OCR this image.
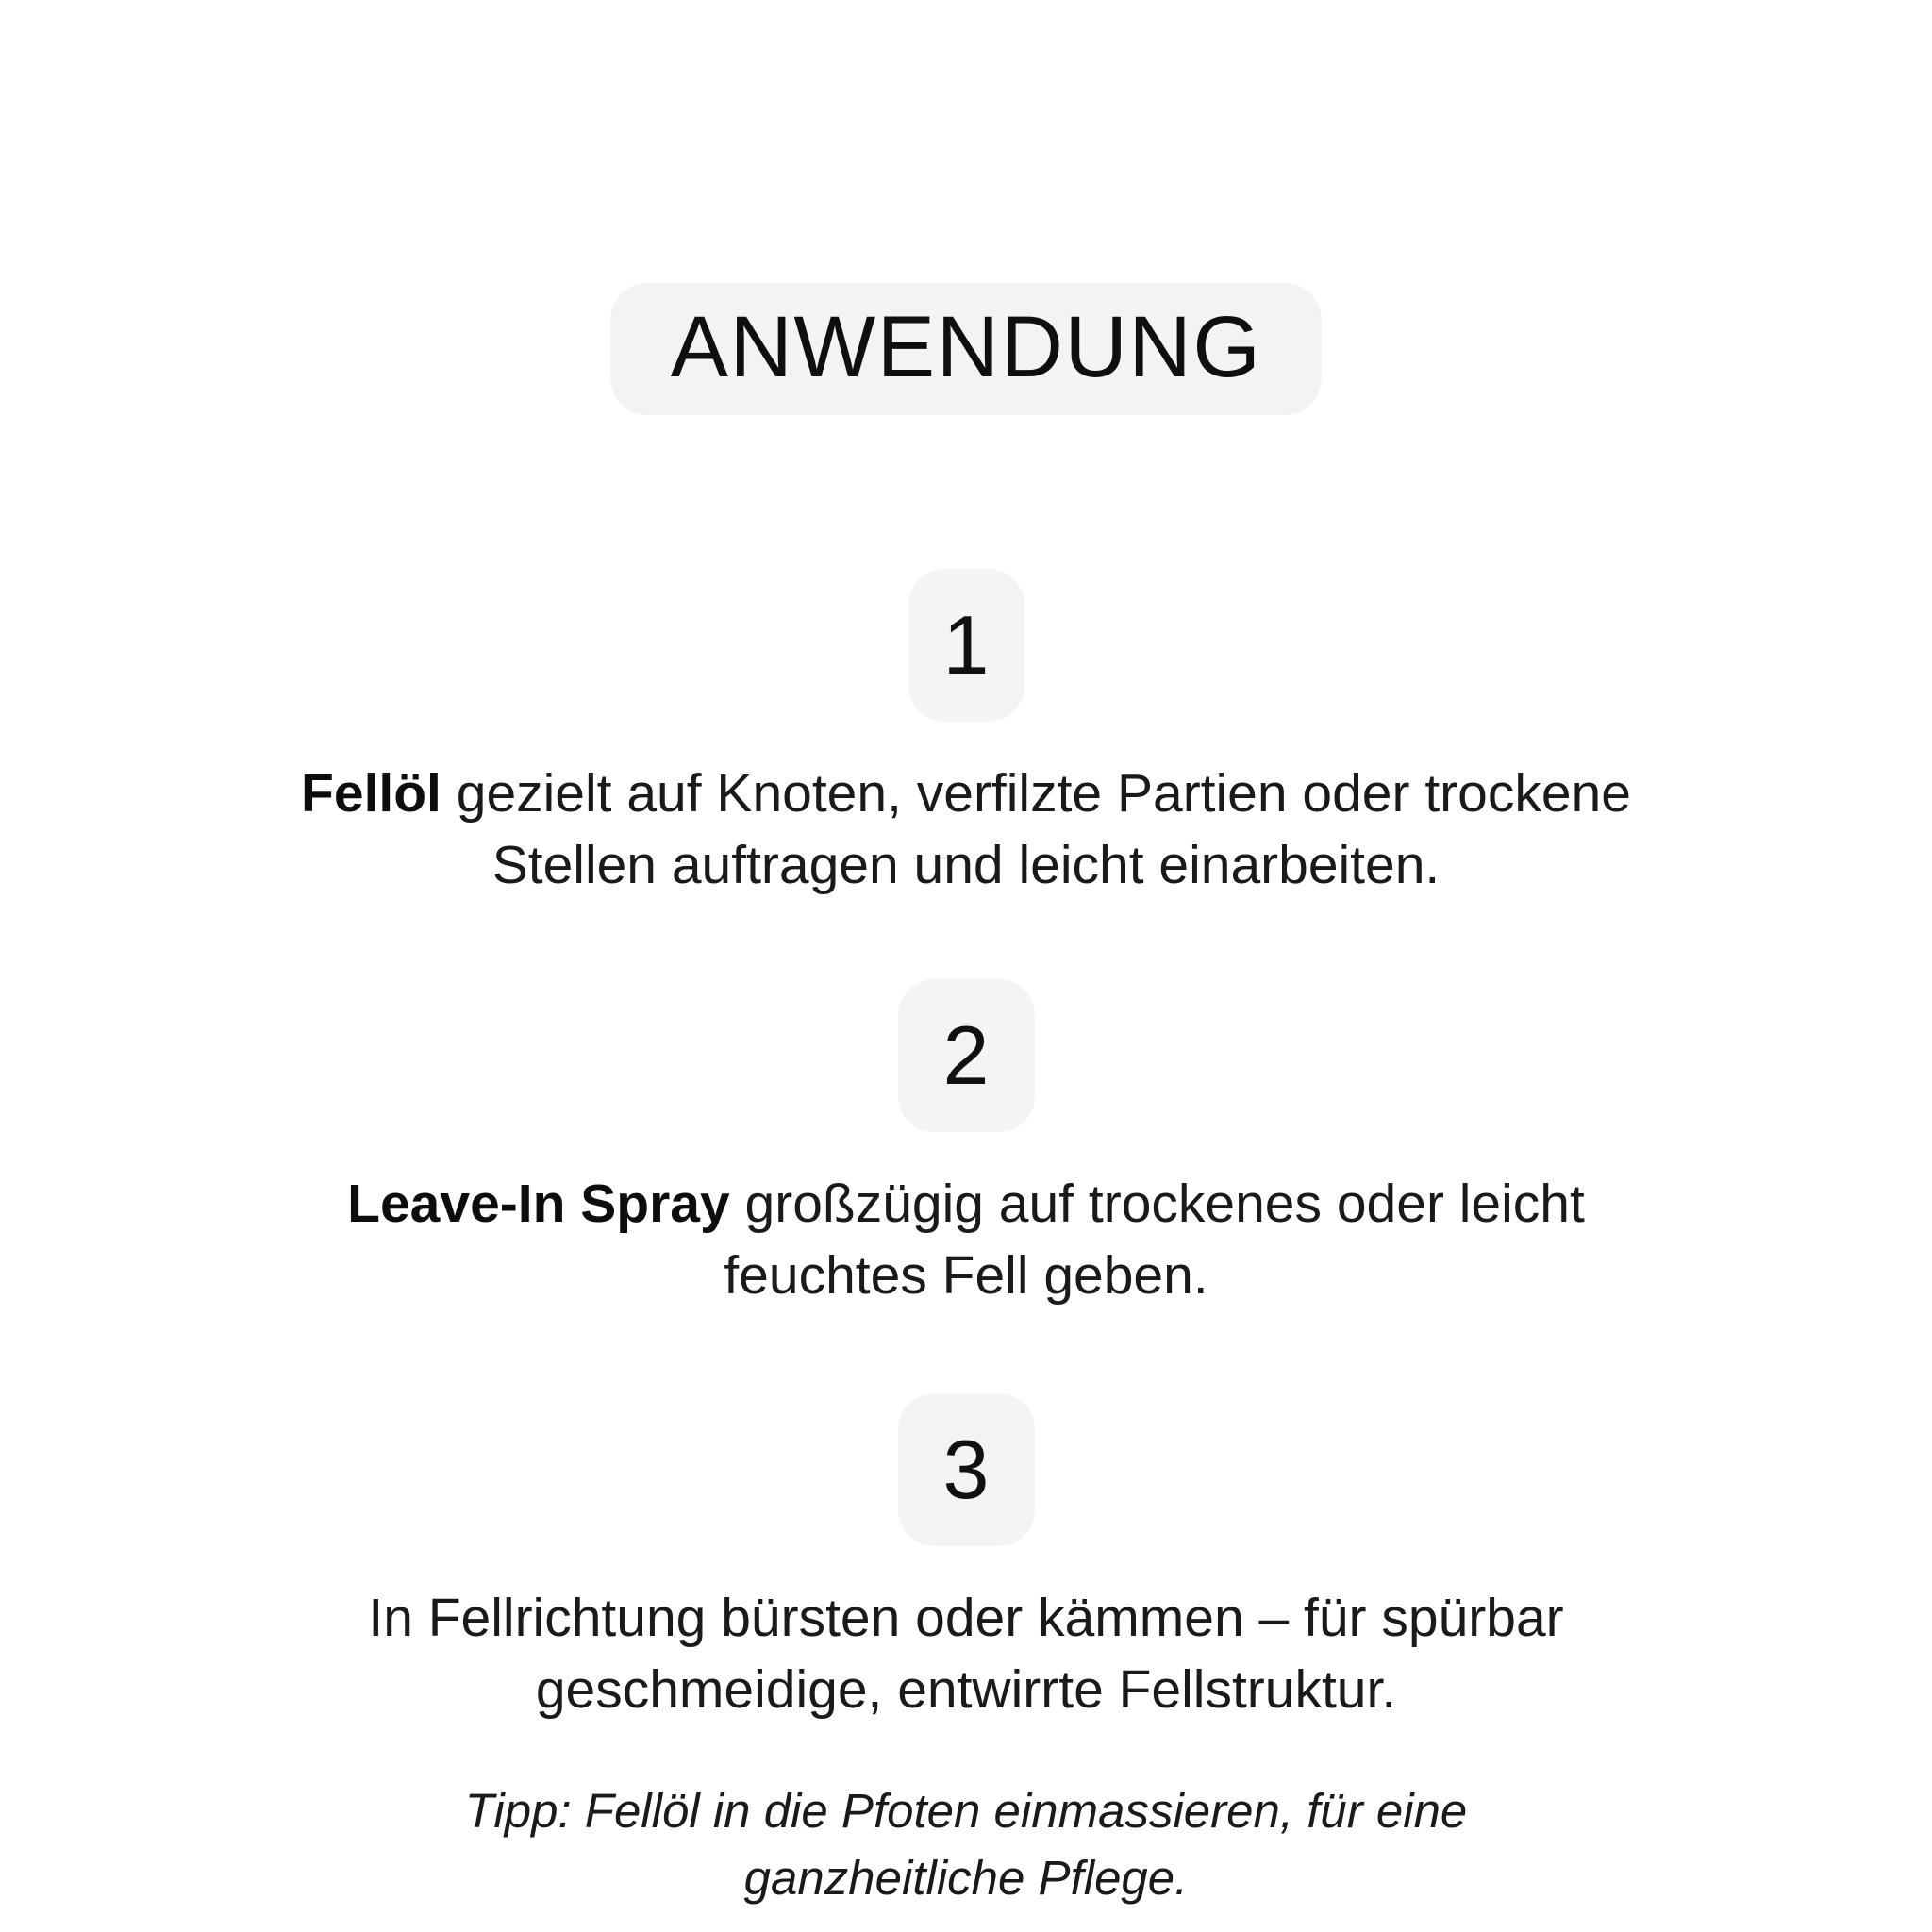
ANWENDUNG
1
Fellöl gezielt auf Knoten, verfilzte Partien oder trockene Stellen auftragen und leicht einarbeiten.
2
Leave-In Spray großzügig auf trockenes oder leicht feuchtes Fell geben.
3
In Fellrichtung bürsten oder kämmen – für spürbar geschmeidige, entwirrte Fellstruktur.
Tipp: Fellöl in die Pfoten einmassieren, für eine ganzheitliche Pflege.
